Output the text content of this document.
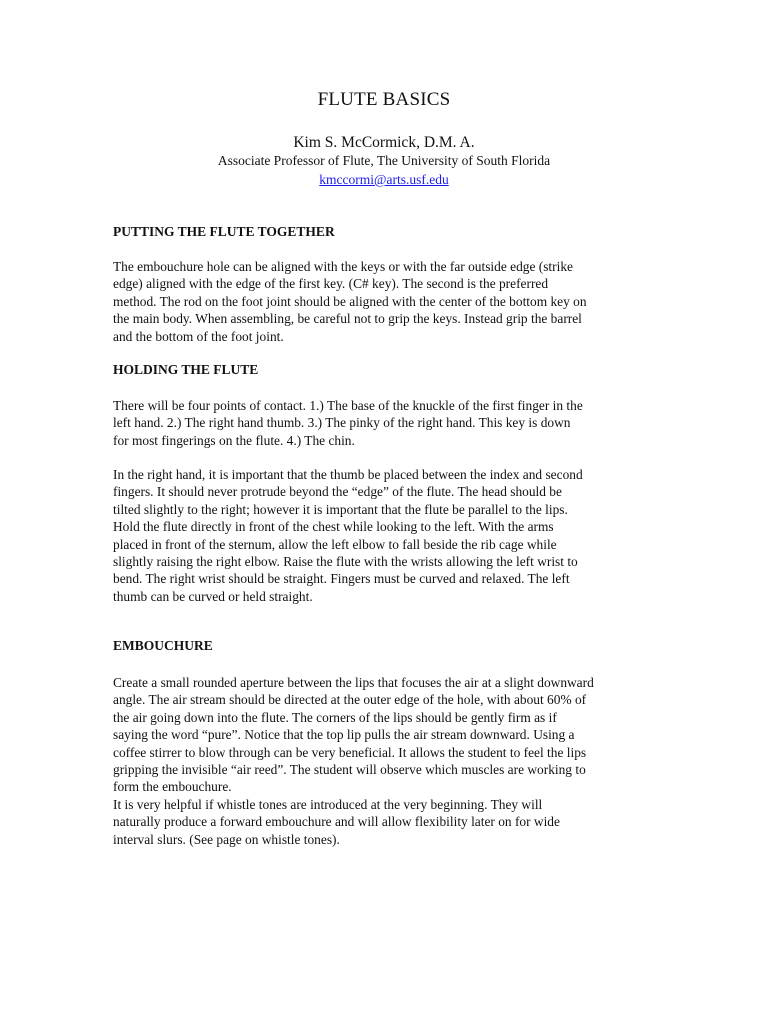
FLUTE BASICS

Kim S. McCormick, D.M. A.

Associate Professor of Flute, The University of South Florida

kmccormi@arts.usf.edu

PUTTING THE FLUTE TOGETHER

The embouchure hole can be aligned with the keys or with the far outside edge (strike
edge) aligned with the edge of the first key. (C# key). The second is the preferred
method. The rod on the foot joint should be aligned with the center of the bottom key on
the main body. When assembling, be careful not to grip the keys. Instead grip the barrel
and the bottom of the foot joint.

HOLDING THE FLUTE

There will be four points of contact. 1.) The base of the knuckle of the first finger in the
left hand. 2.) The right hand thumb. 3.) The pinky of the right hand. This key is down
for most fingerings on the flute. 4.) The chin.

In the right hand, it is important that the thumb be placed between the index and second
fingers. It should never protrude beyond the “edge” of the flute. The head should be
tilted slightly to the right; however it is important that the flute be parallel to the lips.
Hold the flute directly in front of the chest while looking to the left. With the arms
placed in front of the sternum, allow the left elbow to fall beside the rib cage while
slightly raising the right elbow. Raise the flute with the wrists allowing the left wrist to
bend. The right wrist should be straight. Fingers must be curved and relaxed. The left
thumb can be curved or held straight.

EMBOUCHURE

Create a small rounded aperture between the lips that focuses the air at a slight downward
angle. The air stream should be directed at the outer edge of the hole, with about 60% of
the air going down into the flute. The corners of the lips should be gently firm as if
saying the word “pure”. Notice that the top lip pulls the air stream downward. Using a
coffee stirrer to blow through can be very beneficial. It allows the student to feel the lips
gripping the invisible “air reed”. The student will observe which muscles are working to
form the embouchure.

It is very helpful if whistle tones are introduced at the very beginning. They will
naturally produce a forward embouchure and will allow flexibility later on for wide
interval slurs. (See page on whistle tones).
